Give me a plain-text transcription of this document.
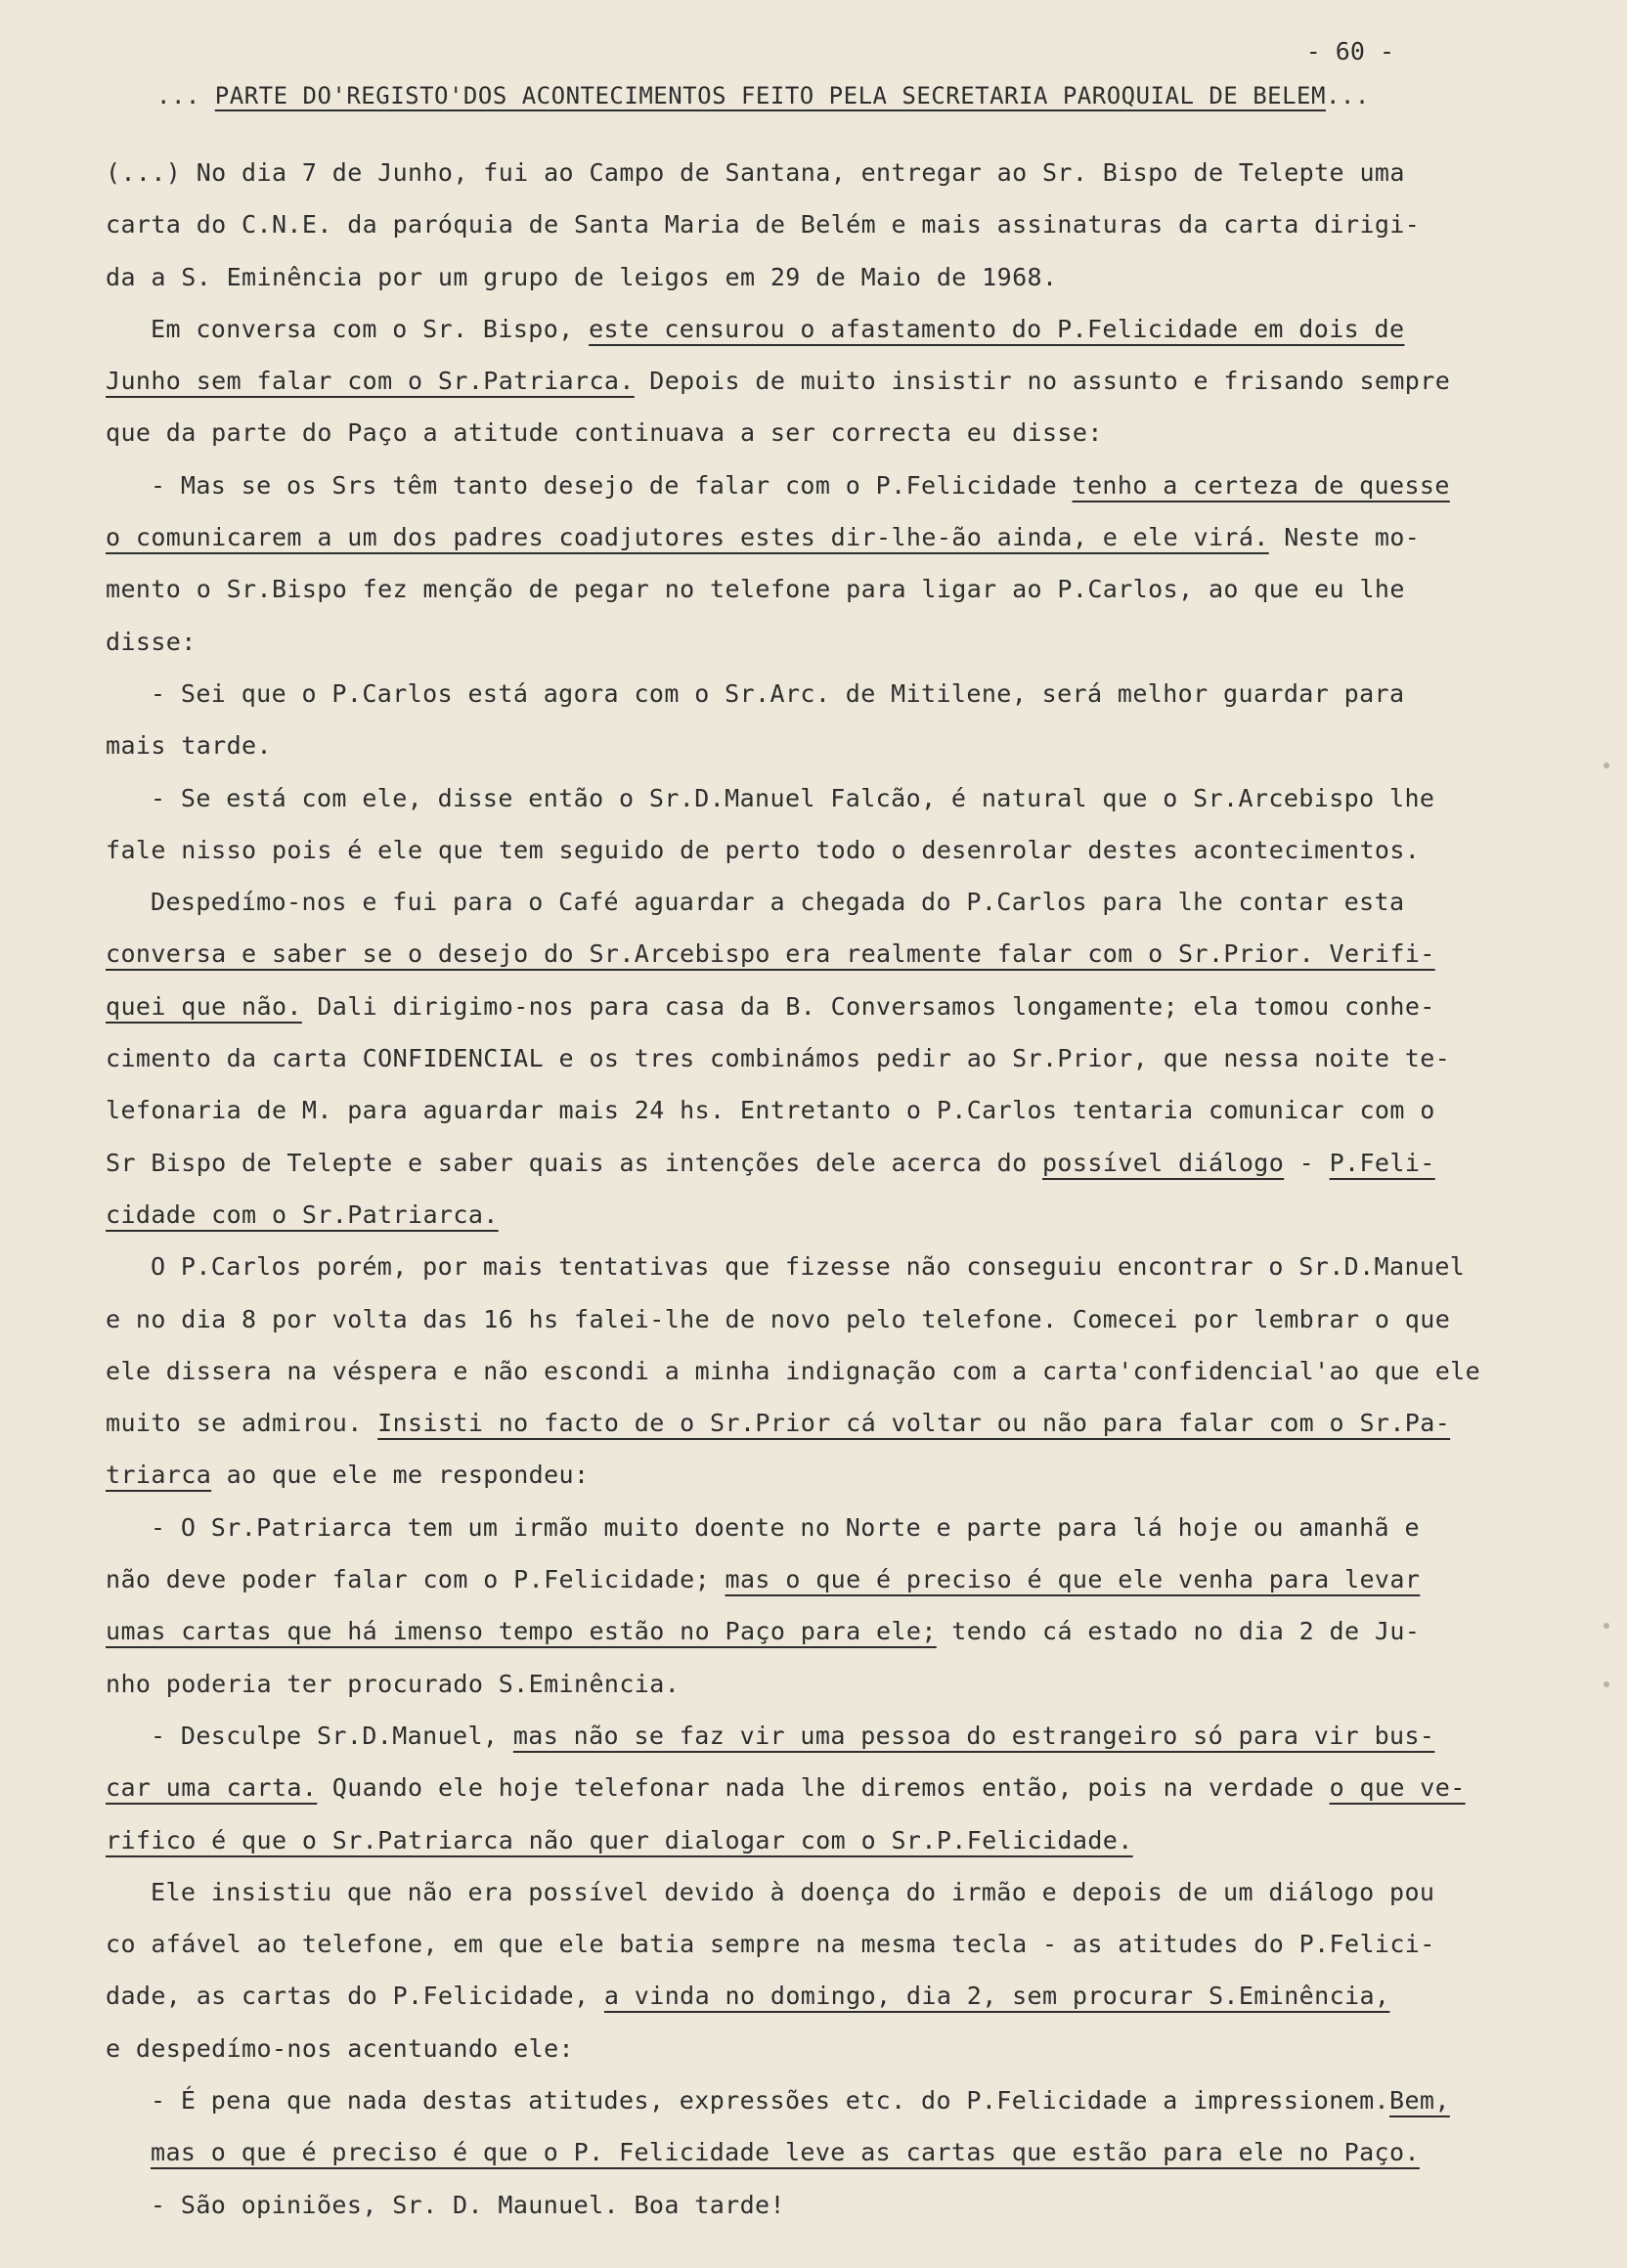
- 60 -
... PARTE DO'REGISTO'DOS ACONTECIMENTOS FEITO PELA SECRETARIA PAROQUIAL DE BELEM...
(...) No dia 7 de Junho, fui ao Campo de Santana, entregar ao Sr. Bispo de Telepte uma
carta do C.N.E. da paróquia de Santa Maria de Belém e mais assinaturas da carta dirigi-
da a S. Eminência por um grupo de leigos em 29 de Maio de 1968.
Em conversa com o Sr. Bispo, este censurou o afastamento do P.Felicidade em dois de
Junho sem falar com o Sr.Patriarca. Depois de muito insistir no assunto e frisando sempre
que da parte do Paço a atitude continuava a ser correcta eu disse:
- Mas se os Srs têm tanto desejo de falar com o P.Felicidade tenho a certeza de quesse
o comunicarem a um dos padres coadjutores estes dir-lhe-ão ainda, e ele virá. Neste mo-
mento o Sr.Bispo fez menção de pegar no telefone para ligar ao P.Carlos, ao que eu lhe
disse:
- Sei que o P.Carlos está agora com o Sr.Arc. de Mitilene, será melhor guardar para
mais tarde.
- Se está com ele, disse então o Sr.D.Manuel Falcão, é natural que o Sr.Arcebispo lhe
fale nisso pois é ele que tem seguido de perto todo o desenrolar destes acontecimentos.
Despedímo-nos e fui para o Café aguardar a chegada do P.Carlos para lhe contar esta
conversa e saber se o desejo do Sr.Arcebispo era realmente falar com o Sr.Prior. Verifi-
quei que não. Dali dirigimo-nos para casa da B. Conversamos longamente; ela tomou conhe-
cimento da carta CONFIDENCIAL e os tres combinámos pedir ao Sr.Prior, que nessa noite te-
lefonaria de M. para aguardar mais 24 hs. Entretanto o P.Carlos tentaria comunicar com o
Sr Bispo de Telepte e saber quais as intenções dele acerca do possível diálogo - P.Feli-
cidade com o Sr.Patriarca.
O P.Carlos porém, por mais tentativas que fizesse não conseguiu encontrar o Sr.D.Manuel
e no dia 8 por volta das 16 hs falei-lhe de novo pelo telefone. Comecei por lembrar o que
ele dissera na véspera e não escondi a minha indignação com a carta'confidencial'ao que ele
muito se admirou. Insisti no facto de o Sr.Prior cá voltar ou não para falar com o Sr.Pa-
triarca ao que ele me respondeu:
- O Sr.Patriarca tem um irmão muito doente no Norte e parte para lá hoje ou amanhã e
não deve poder falar com o P.Felicidade; mas o que é preciso é que ele venha para levar
umas cartas que há imenso tempo estão no Paço para ele; tendo cá estado no dia 2 de Ju-
nho poderia ter procurado S.Eminência.
- Desculpe Sr.D.Manuel, mas não se faz vir uma pessoa do estrangeiro só para vir bus-
car uma carta. Quando ele hoje telefonar nada lhe diremos então, pois na verdade o que ve-
rifico é que o Sr.Patriarca não quer dialogar com o Sr.P.Felicidade.
Ele insistiu que não era possível devido à doença do irmão e depois de um diálogo pou
co afável ao telefone, em que ele batia sempre na mesma tecla - as atitudes do P.Felici-
dade, as cartas do P.Felicidade, a vinda no domingo, dia 2, sem procurar S.Eminência,
e despedímo-nos acentuando ele:
- É pena que nada destas atitudes, expressões etc. do P.Felicidade a impressionem.Bem,
mas o que é preciso é que o P. Felicidade leve as cartas que estão para ele no Paço.
- São opiniões, Sr. D. Maunuel. Boa tarde!
